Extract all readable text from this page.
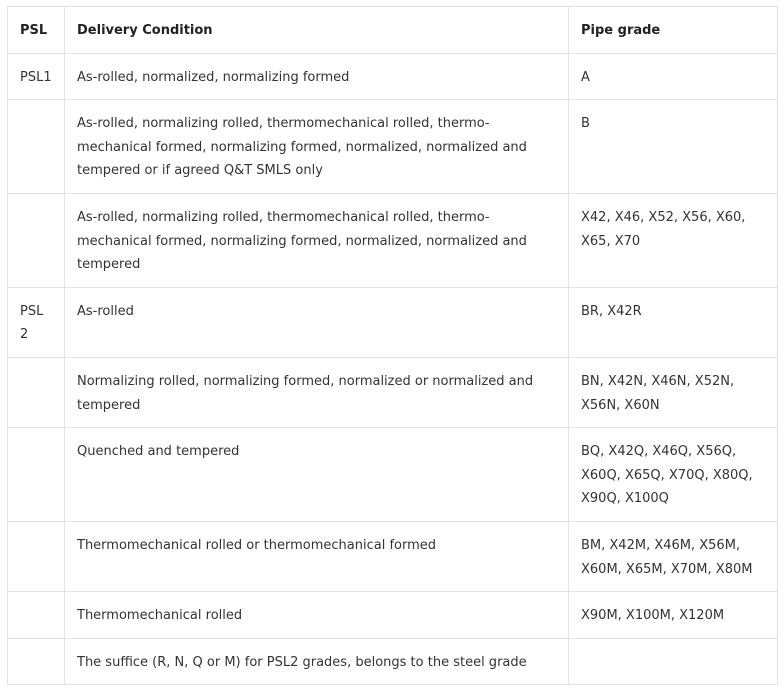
PSL	Delivery Condition	Pipe grade
PSL1	As-rolled, normalized, normalizing formed	A
	As-rolled, normalizing rolled, thermomechanical rolled, thermo-mechanical formed, normalizing formed, normalized, normalized and tempered or if agreed Q&T SMLS only	B
	As-rolled, normalizing rolled, thermomechanical rolled, thermo-mechanical formed, normalizing formed, normalized, normalized and tempered	X42, X46, X52, X56, X60, X65, X70
PSL 2	As-rolled	BR, X42R
	Normalizing rolled, normalizing formed, normalized or normalized and tempered	BN, X42N, X46N, X52N, X56N, X60N
	Quenched and tempered	BQ, X42Q, X46Q, X56Q, X60Q, X65Q, X70Q, X80Q, X90Q, X100Q
	Thermomechanical rolled or thermomechanical formed	BM, X42M, X46M, X56M, X60M, X65M, X70M, X80M
	Thermomechanical rolled	X90M, X100M, X120M
	The suffice (R, N, Q or M) for PSL2 grades, belongs to the steel grade	
